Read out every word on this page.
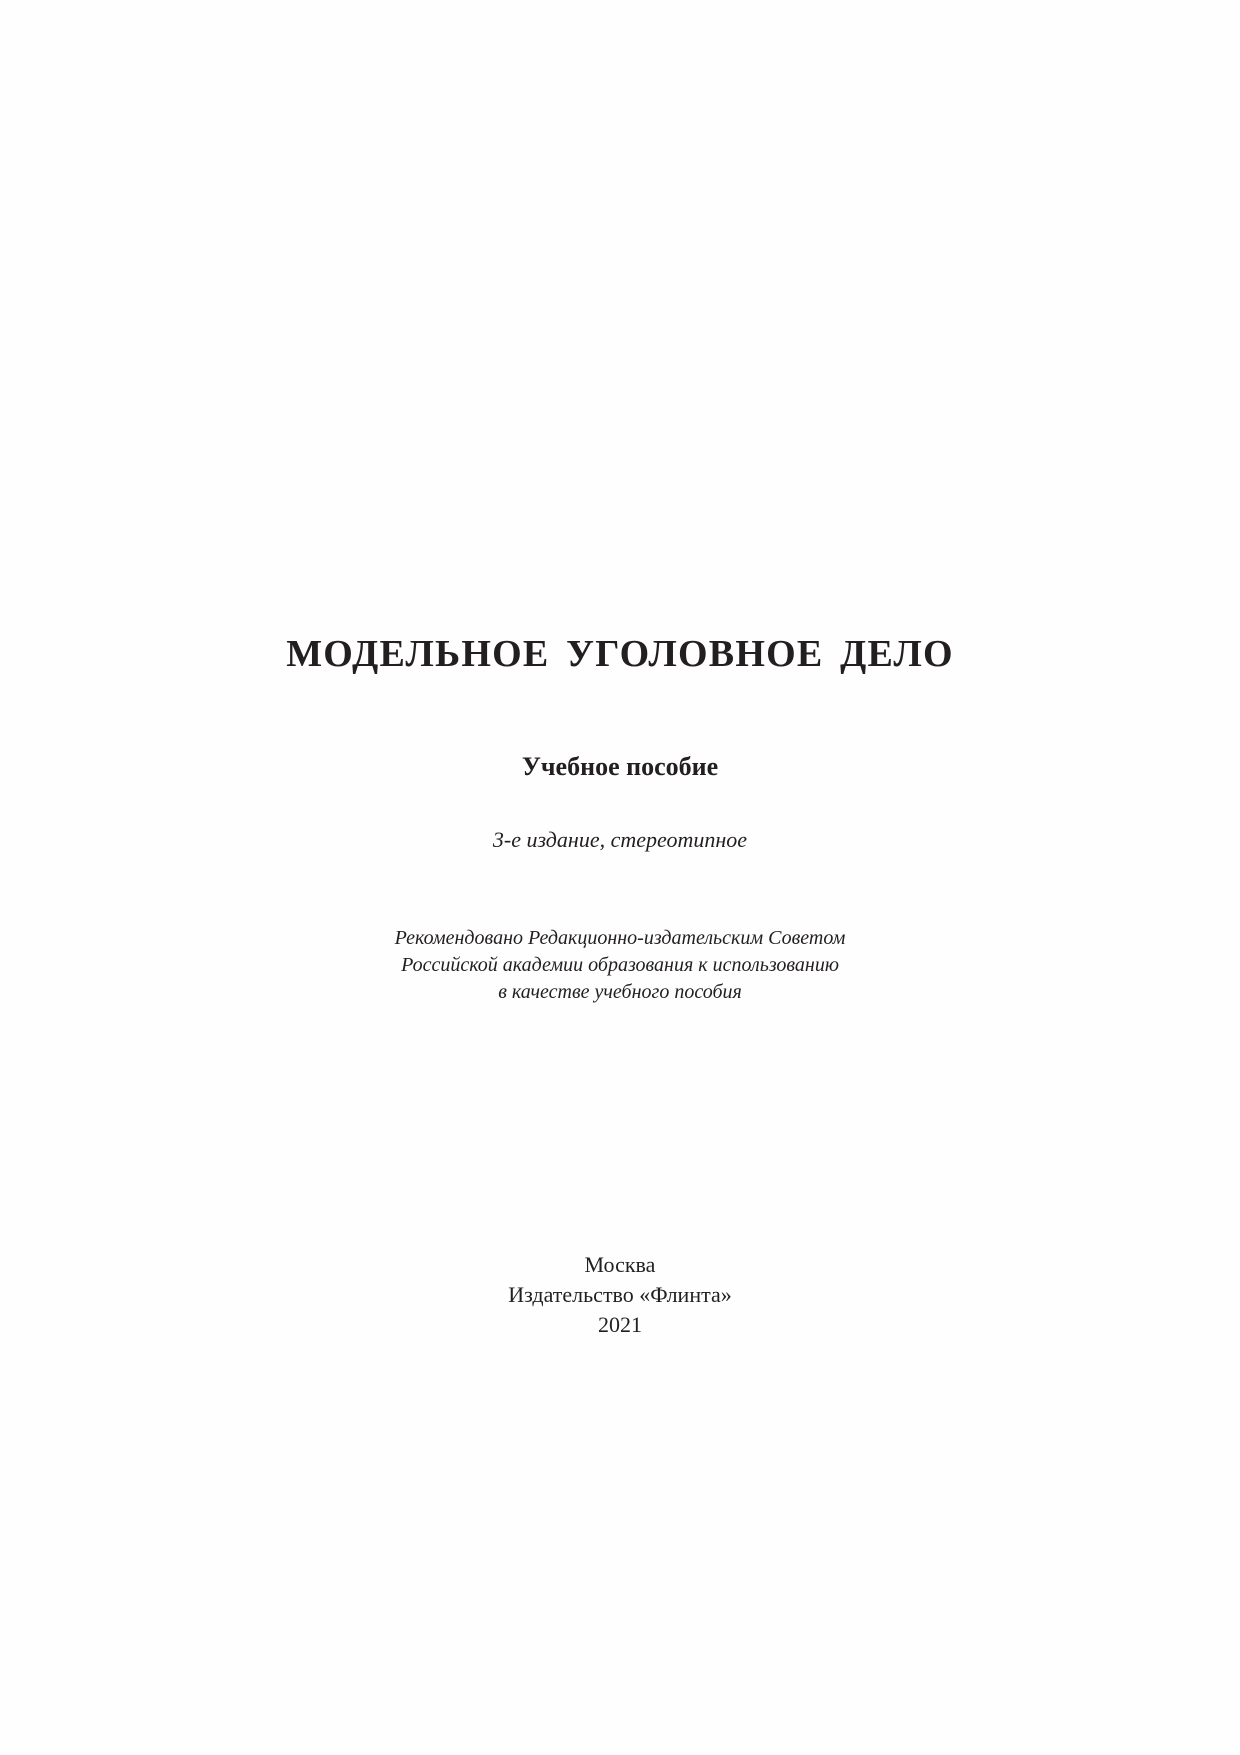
МОДЕЛЬНОЕ УГОЛОВНОЕ ДЕЛО
Учебное пособие
3-е издание, стереотипное
Рекомендовано Редакционно-издательским Советом
Российской академии образования к использованию
в качестве учебного пособия
Москва
Издательство «Флинта»
2021
